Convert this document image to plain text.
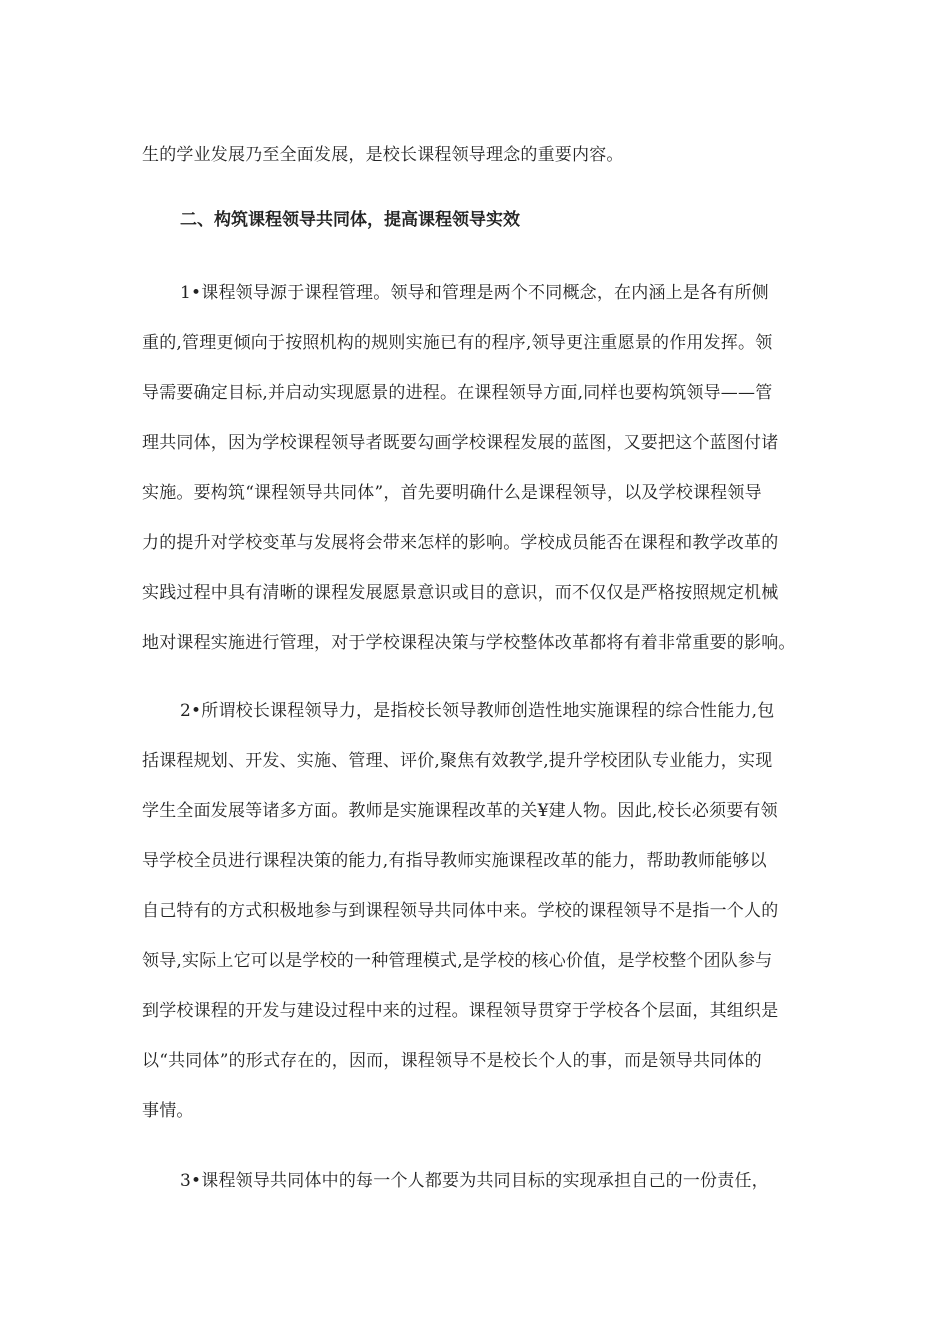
生的学业发展乃至全面发展，是校长课程领导理念的重要内容。
二、构筑课程领导共同体，提高课程领导实效
1•课程领导源于课程管理。领导和管理是两个不同概念，在内涵上是各有所侧
重的,管理更倾向于按照机构的规则实施已有的程序,领导更注重愿景的作用发挥。领
导需要确定目标,并启动实现愿景的进程。在课程领导方面,同样也要构筑领导——管
理共同体，因为学校课程领导者既要勾画学校课程发展的蓝图，又要把这个蓝图付诸
实施。要构筑“课程领导共同体”，首先要明确什么是课程领导，以及学校课程领导
力的提升对学校变革与发展将会带来怎样的影响。学校成员能否在课程和教学改革的
实践过程中具有清晰的课程发展愿景意识或目的意识，而不仅仅是严格按照规定机械
地对课程实施进行管理，对于学校课程决策与学校整体改革都将有着非常重要的影响。
2•所谓校长课程领导力，是指校长领导教师创造性地实施课程的综合性能力,包
括课程规划、开发、实施、管理、评价,聚焦有效教学,提升学校团队专业能力，实现
学生全面发展等诸多方面。教师是实施课程改革的关¥建人物。因此,校长必须要有领
导学校全员进行课程决策的能力,有指导教师实施课程改革的能力，帮助教师能够以
自己特有的方式积极地参与到课程领导共同体中来。学校的课程领导不是指一个人的
领导,实际上它可以是学校的一种管理模式,是学校的核心价值，是学校整个团队参与
到学校课程的开发与建设过程中来的过程。课程领导贯穿于学校各个层面，其组织是
以“共同体”的形式存在的，因而，课程领导不是校长个人的事，而是领导共同体的
事情。
3•课程领导共同体中的每一个人都要为共同目标的实现承担自己的一份责任，
